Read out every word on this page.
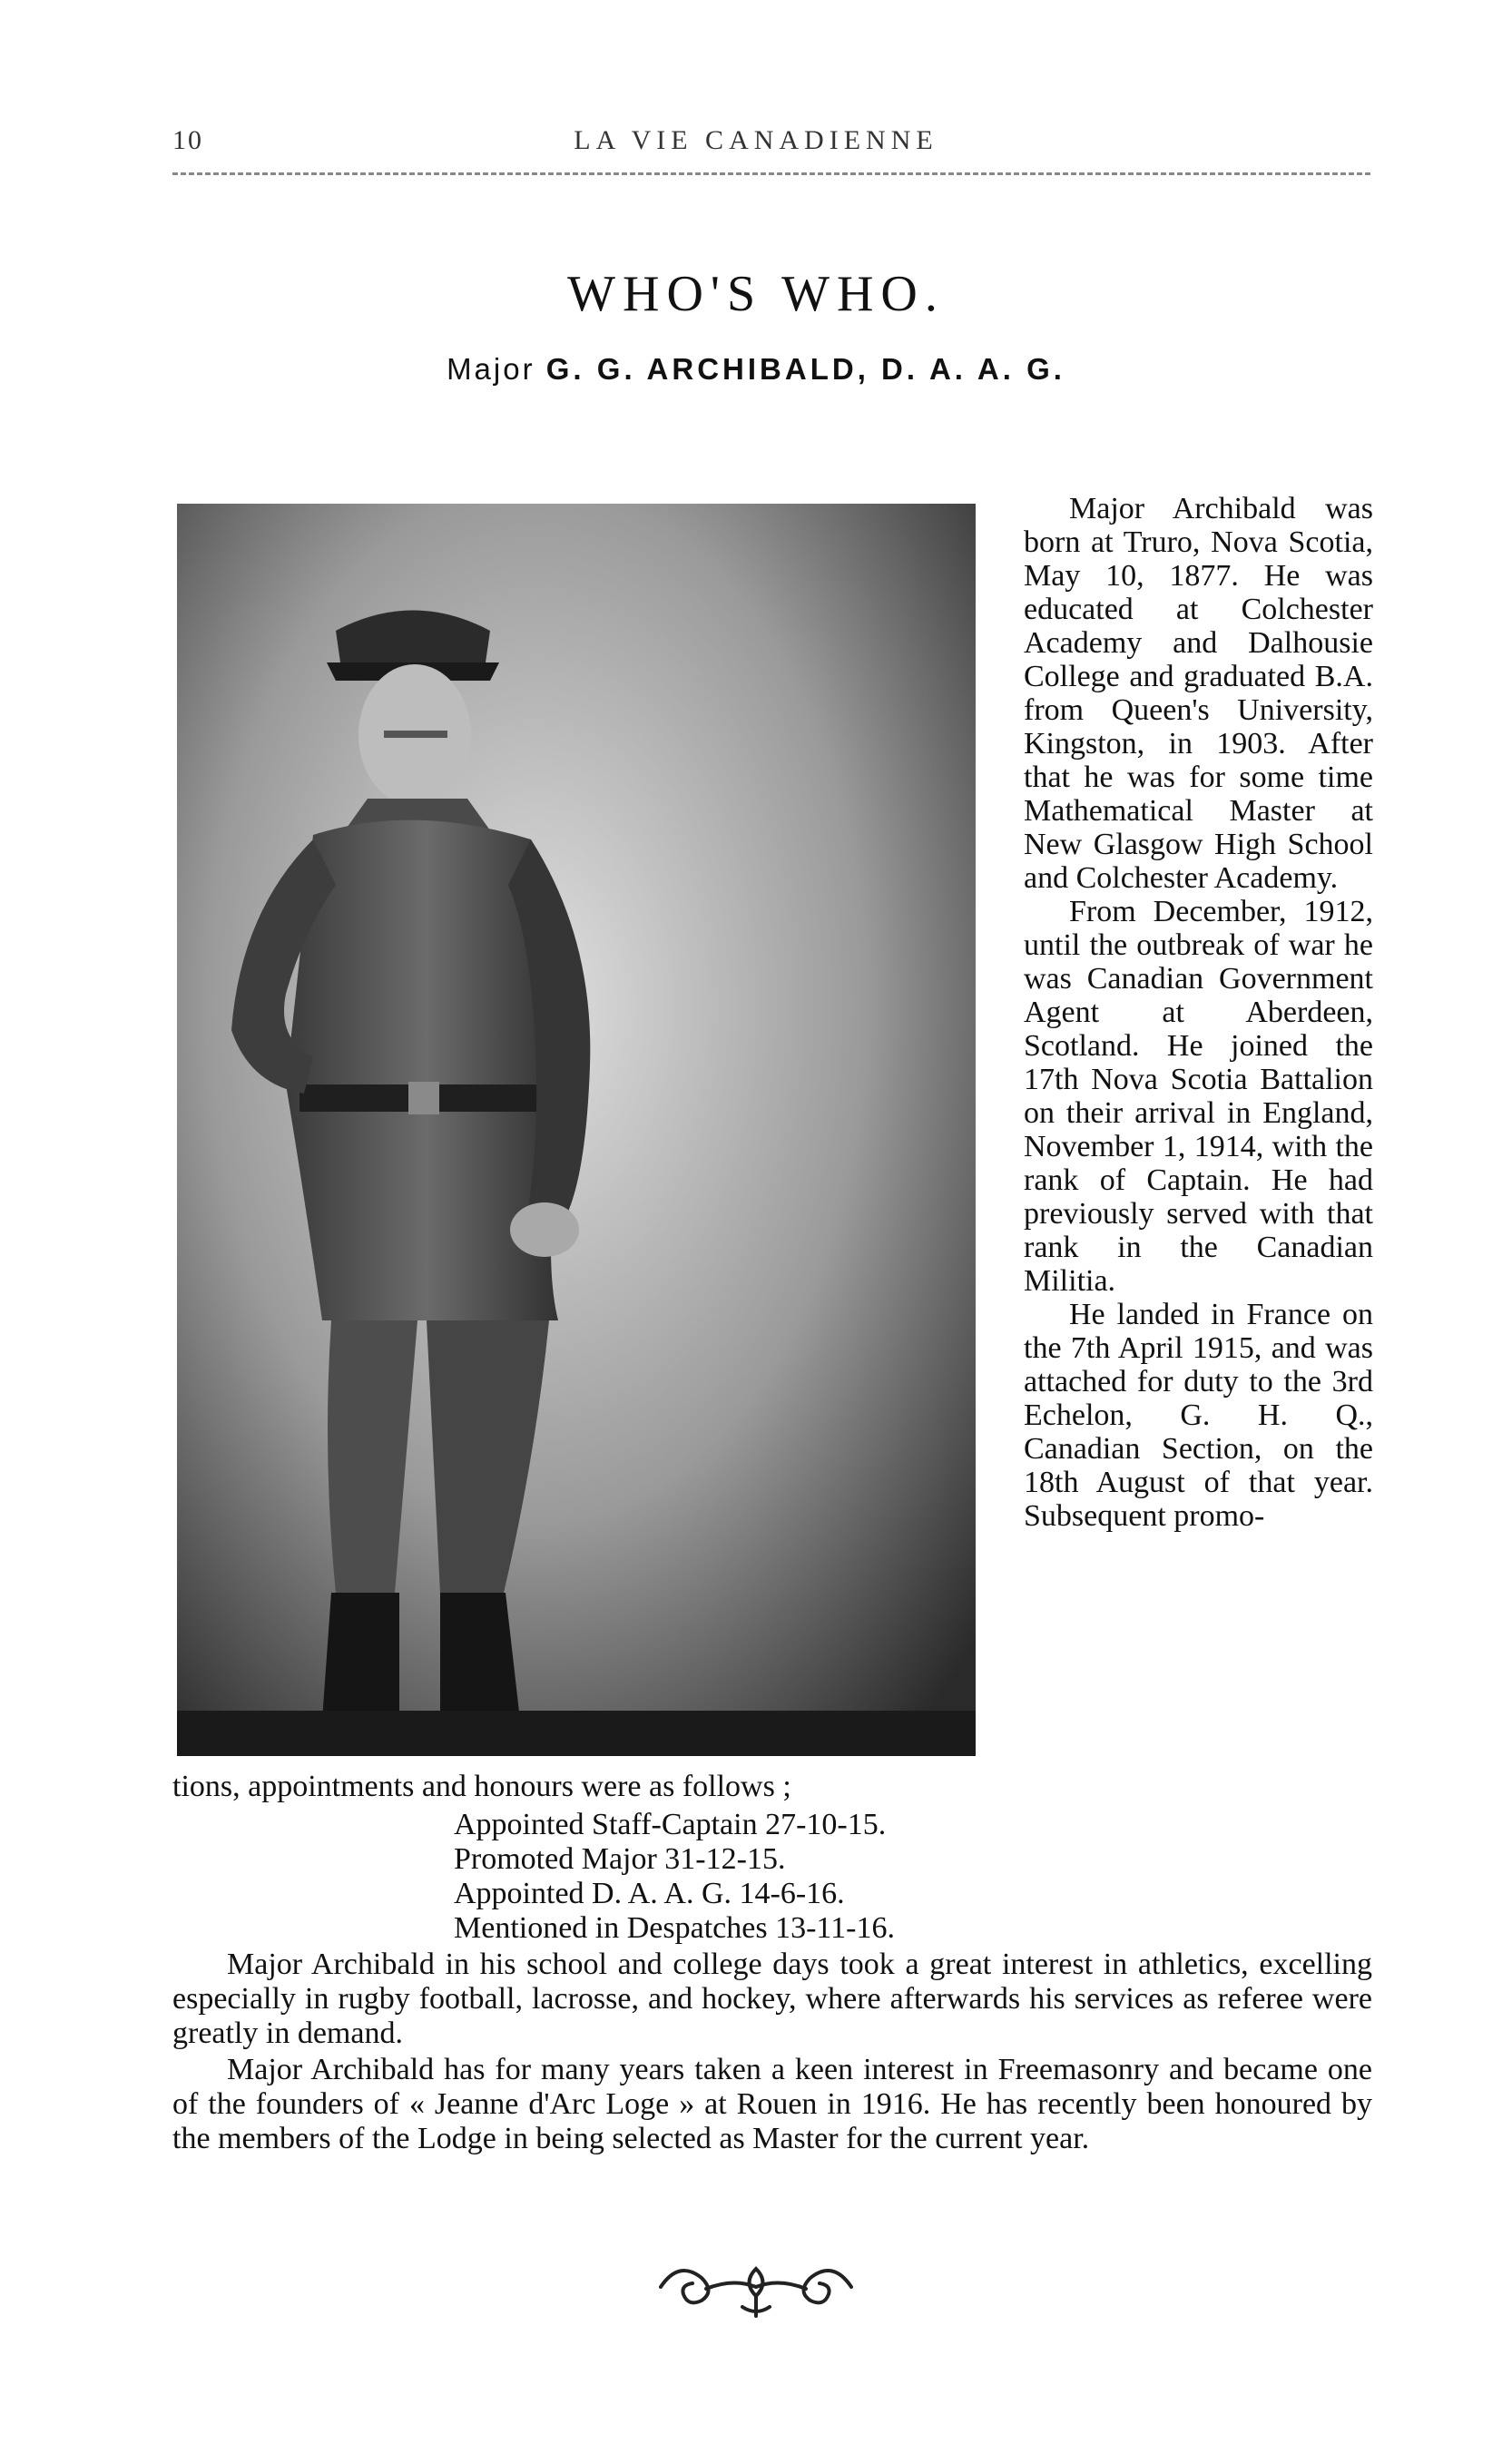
10	LA VIE CANADIENNE
WHO'S WHO.
Major G. G. ARCHIBALD, D. A. A. G.

Major Archibald was born at Truro, Nova Scotia, May 10, 1877. He was educated at Colchester Academy and Dalhousie College and graduated B.A. from Queen's University, Kingston, in 1903. After that he was for some time Mathematical Master at New Glasgow High School and Colchester Academy.

From December, 1912, until the outbreak of war he was Canadian Government Agent at Aberdeen, Scotland. He joined the 17th Nova Scotia Battalion on their arrival in England, November 1, 1914, with the rank of Captain. He had previously served with that rank in the Canadian Militia.

He landed in France on the 7th April 1915, and was attached for duty to the 3rd Echelon, G. H. Q., Canadian Section, on the 18th August of that year. Subsequent promo-

tions, appointments and honours were as follows ;
Appointed Staff-Captain 27-10-15.
Promoted Major 31-12-15.
Appointed D. A. A. G. 14-6-16.
Mentioned in Despatches 13-11-16.

Major Archibald in his school and college days took a great interest in athletics, excelling especially in rugby football, lacrosse, and hockey, where afterwards his services as referee were greatly in demand.

Major Archibald has for many years taken a keen interest in Freemasonry and became one of the founders of « Jeanne d'Arc Loge » at Rouen in 1916. He has recently been honoured by the members of the Lodge in being selected as Master for the current year.
